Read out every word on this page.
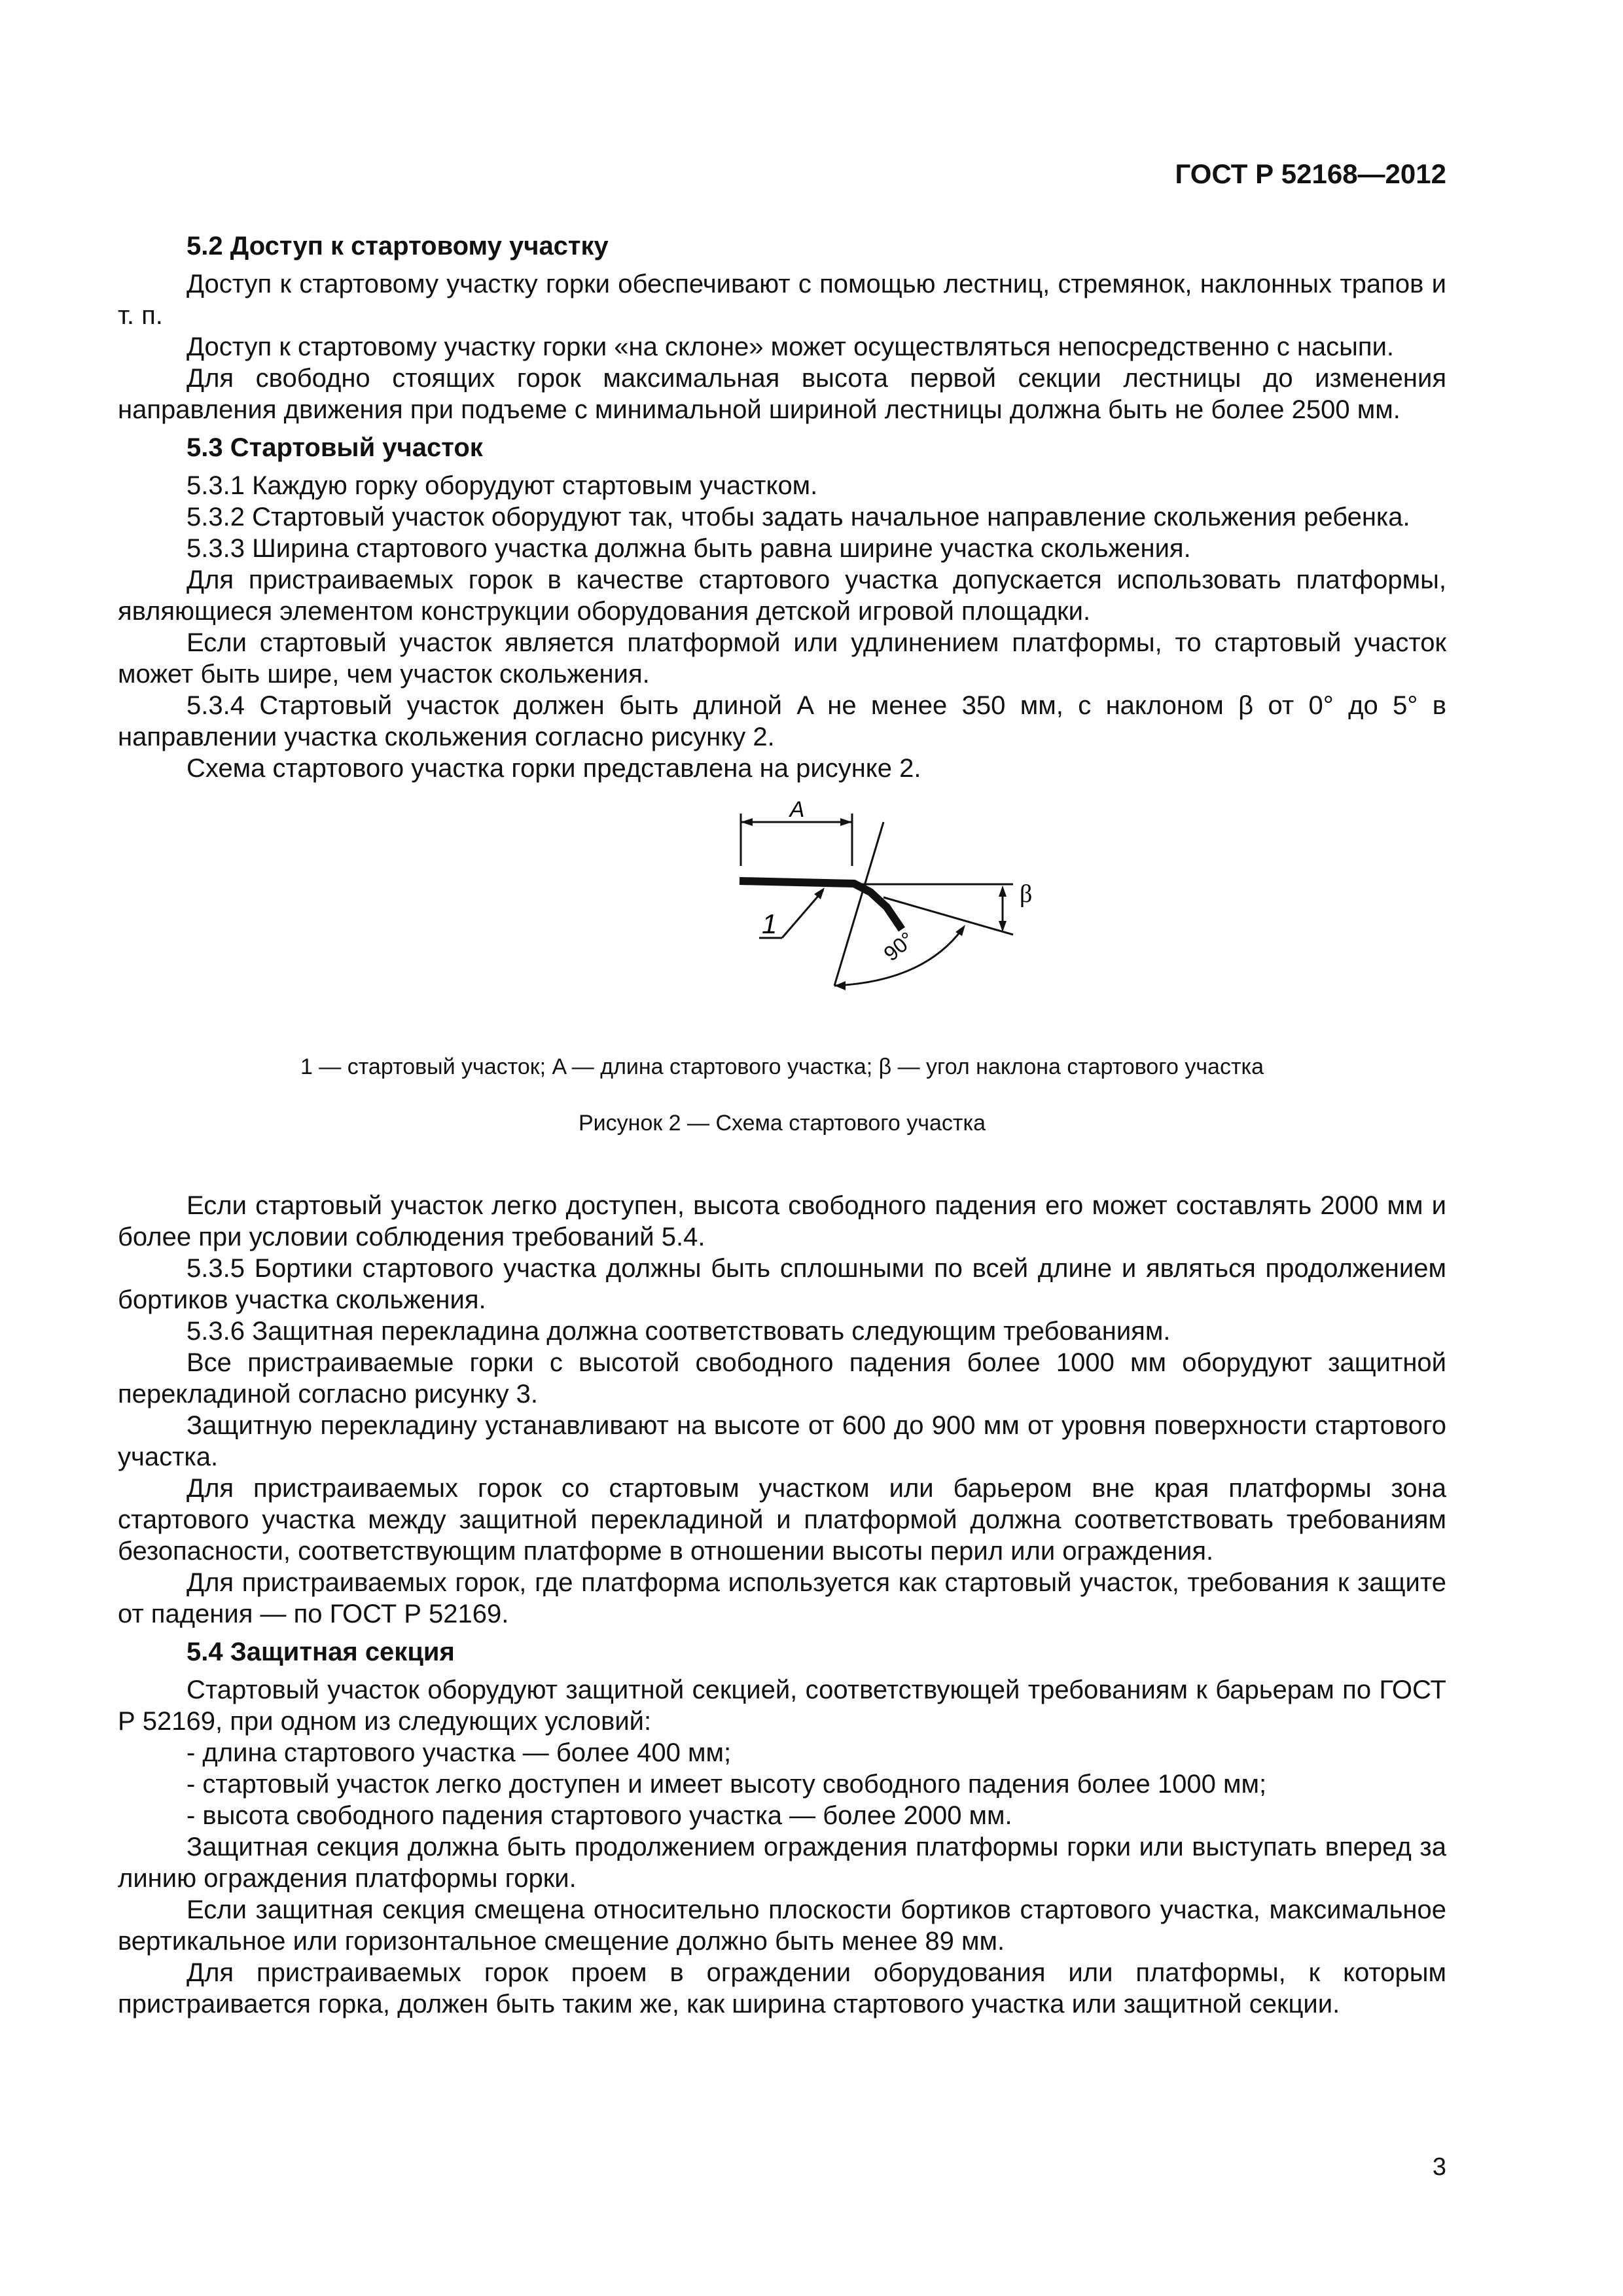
ГОСТ Р 52168—2012

5.2 Доступ к стартовому участку

Доступ к стартовому участку горки обеспечивают с помощью лестниц, стремянок, наклонных трапов и т. п.

Доступ к стартовому участку горки «на склоне» может осуществляться непосредственно с насыпи.

Для свободно стоящих горок максимальная высота первой секции лестницы до изменения направления движения при подъеме с минимальной шириной лестницы должна быть не более 2500 мм.

5.3 Стартовый участок

5.3.1 Каждую горку оборудуют стартовым участком.

5.3.2 Стартовый участок оборудуют так, чтобы задать начальное направление скольжения ребенка.

5.3.3 Ширина стартового участка должна быть равна ширине участка скольжения.

Для пристраиваемых горок в качестве стартового участка допускается использовать платформы, являющиеся элементом конструкции оборудования детской игровой площадки.

Если стартовый участок является платформой или удлинением платформы, то стартовый участок может быть шире, чем участок скольжения.

5.3.4 Стартовый участок должен быть длиной A не менее 350 мм, с наклоном β от 0° до 5° в направлении участка скольжения согласно рисунку 2.

Схема стартового участка горки представлена на рисунке 2.

A
β
90°
1

1 — стартовый участок; A — длина стартового участка; β — угол наклона стартового участка

Рисунок 2 — Схема стартового участка

Если стартовый участок легко доступен, высота свободного падения его может составлять 2000 мм и более при условии соблюдения требований 5.4.

5.3.5 Бортики стартового участка должны быть сплошными по всей длине и являться продолжением бортиков участка скольжения.

5.3.6 Защитная перекладина должна соответствовать следующим требованиям.

Все пристраиваемые горки с высотой свободного падения более 1000 мм оборудуют защитной перекладиной согласно рисунку 3.

Защитную перекладину устанавливают на высоте от 600 до 900 мм от уровня поверхности стартового участка.

Для пристраиваемых горок со стартовым участком или барьером вне края платформы зона стартового участка между защитной перекладиной и платформой должна соответствовать требованиям безопасности, соответствующим платформе в отношении высоты перил или ограждения.

Для пристраиваемых горок, где платформа используется как стартовый участок, требования к защите от падения — по ГОСТ Р 52169.

5.4 Защитная секция

Стартовый участок оборудуют защитной секцией, соответствующей требованиям к барьерам по ГОСТ Р 52169, при одном из следующих условий:

- длина стартового участка — более 400 мм;

- стартовый участок легко доступен и имеет высоту свободного падения более 1000 мм;

- высота свободного падения стартового участка — более 2000 мм.

Защитная секция должна быть продолжением ограждения платформы горки или выступать вперед за линию ограждения платформы горки.

Если защитная секция смещена относительно плоскости бортиков стартового участка, максимальное вертикальное или горизонтальное смещение должно быть менее 89 мм.

Для пристраиваемых горок проем в ограждении оборудования или платформы, к которым пристраивается горка, должен быть таким же, как ширина стартового участка или защитной секции.

3
